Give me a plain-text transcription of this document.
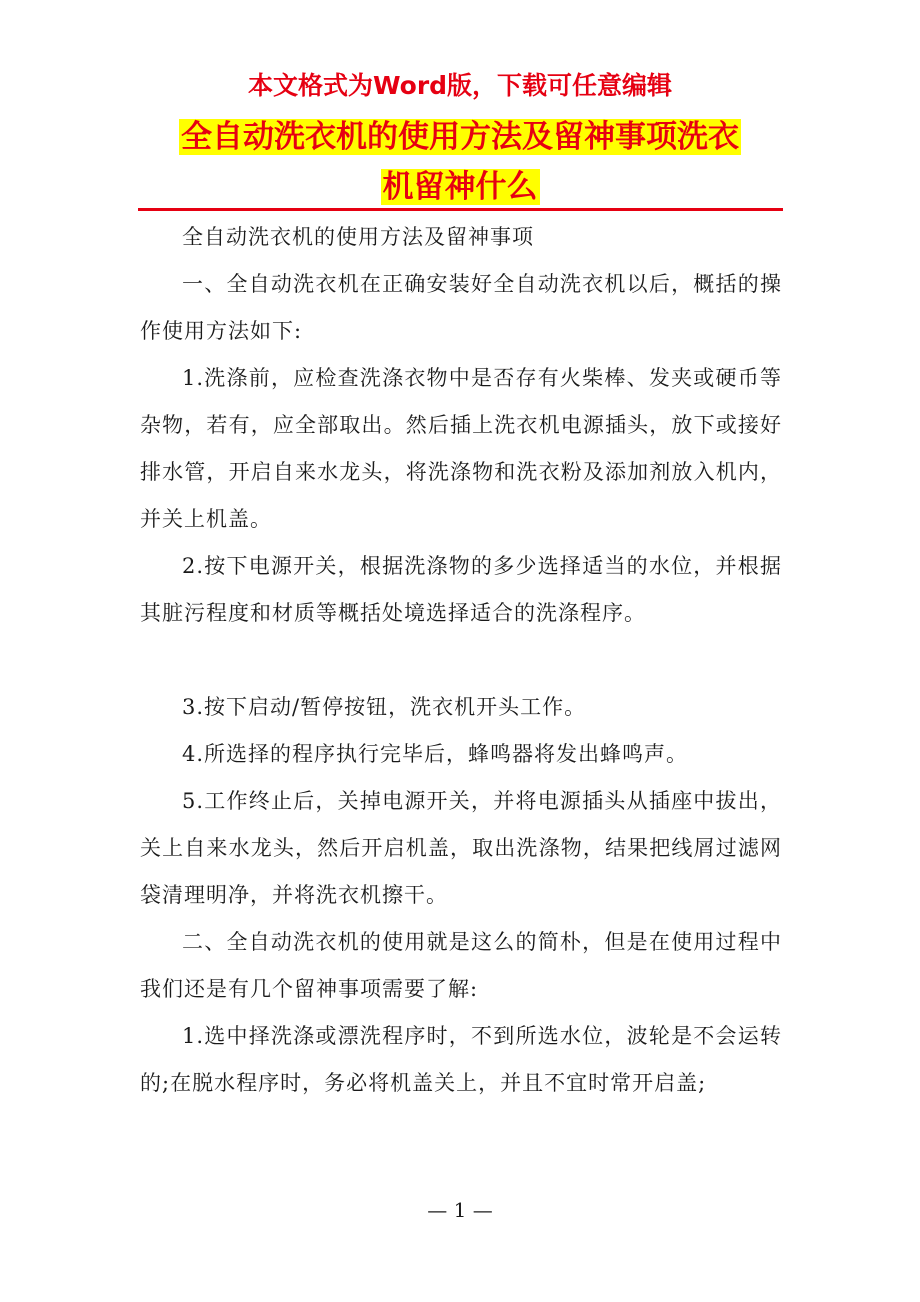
本文格式为Word版，下载可任意编辑

全自动洗衣机的使用方法及留神事项洗衣
机留神什么

全自动洗衣机的使用方法及留神事项

一、全自动洗衣机在正确安装好全自动洗衣机以后，概括的操作使用方法如下:

1.洗涤前，应检查洗涤衣物中是否存有火柴棒、发夹或硬币等杂物，若有，应全部取出。然后插上洗衣机电源插头，放下或接好排水管，开启自来水龙头，将洗涤物和洗衣粉及添加剂放入机内，并关上机盖。

2.按下电源开关，根据洗涤物的多少选择适当的水位，并根据其脏污程度和材质等概括处境选择适合的洗涤程序。

3.按下启动/暂停按钮，洗衣机开头工作。

4.所选择的程序执行完毕后，蜂鸣器将发出蜂鸣声。

5.工作终止后，关掉电源开关，并将电源插头从插座中拔出，关上自来水龙头，然后开启机盖，取出洗涤物，结果把线屑过滤网袋清理明净，并将洗衣机擦干。

二、全自动洗衣机的使用就是这么的简朴，但是在使用过程中我们还是有几个留神事项需要了解:

1.选中择洗涤或漂洗程序时，不到所选水位，波轮是不会运转的;在脱水程序时，务必将机盖关上，并且不宜时常开启盖;

— 1 —
